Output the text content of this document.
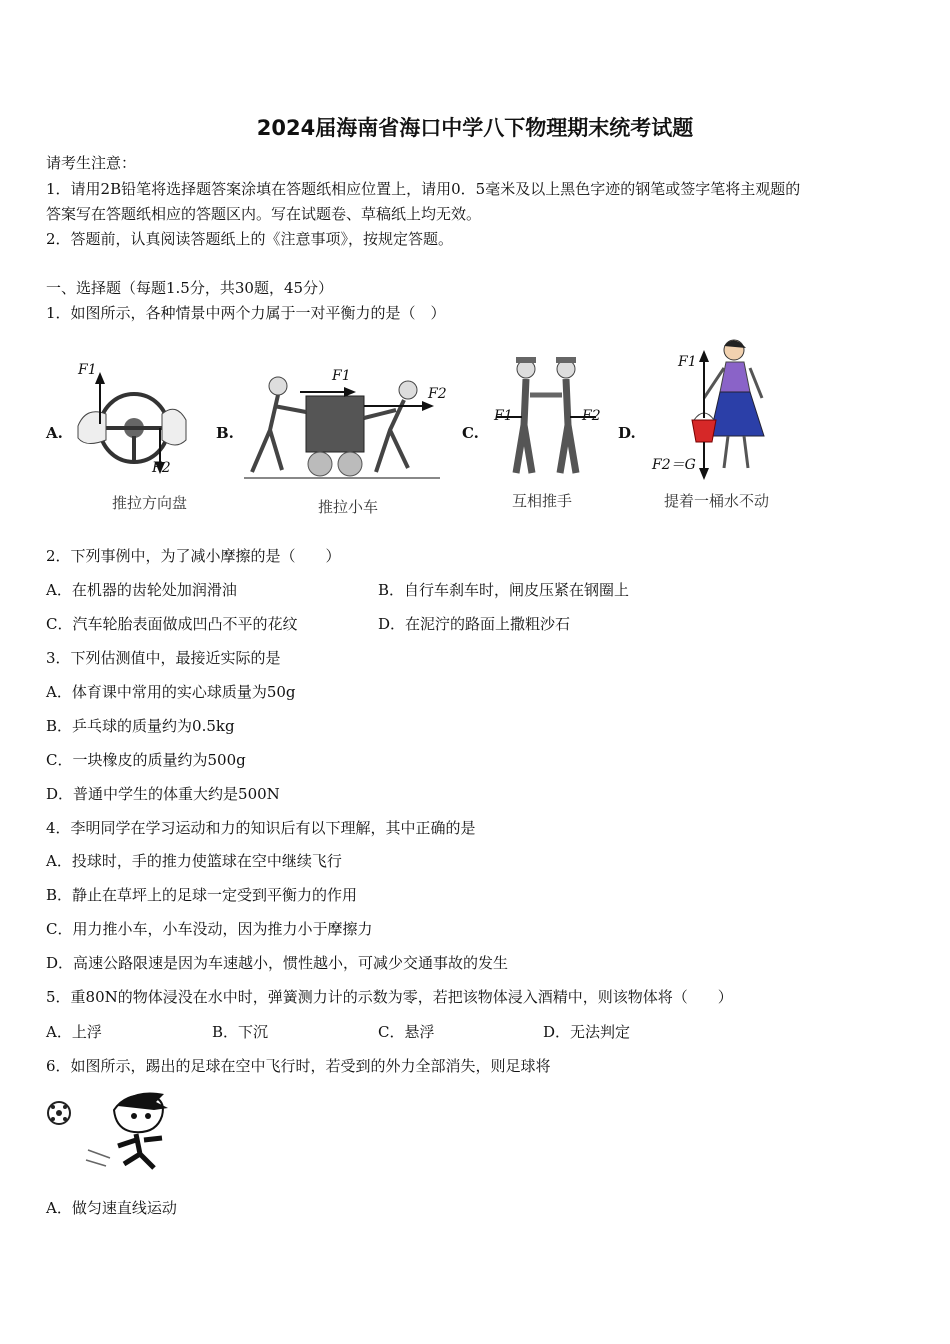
2024届海南省海口中学八下物理期末统考试题
请考生注意：
1．请用2B铅笔将选择题答案涂填在答题纸相应位置上，请用0．5毫米及以上黑色字迹的钢笔或签字笔将主观题的
答案写在答题纸相应的答题区内。写在试题卷、草稿纸上均无效。
2．答题前，认真阅读答题纸上的《注意事项》，按规定答题。
一、选择题（每题1.5分，共30题，45分）
1．如图所示，各种情景中两个力属于一对平衡力的是（　）
A.
F1
F2
推拉方向盘
B.
F1
F2
推拉小车
C.
F1	F2
互相推手
D.
F1
F2＝G
提着一桶水不动
2．下列事例中，为了减小摩擦的是（　　）
A．在机器的齿轮处加润滑油	B．自行车刹车时，闸皮压紧在钢圈上
C．汽车轮胎表面做成凹凸不平的花纹	D．在泥泞的路面上撒粗沙石
3．下列估测值中，最接近实际的是
A．体育课中常用的实心球质量为50g
B．乒乓球的质量约为0.5kg
C．一块橡皮的质量约为500g
D．普通中学生的体重大约是500N
4．李明同学在学习运动和力的知识后有以下理解，其中正确的是
A．投球时，手的推力使篮球在空中继续飞行
B．静止在草坪上的足球一定受到平衡力的作用
C．用力推小车，小车没动，因为推力小于摩擦力
D．高速公路限速是因为车速越小，惯性越小，可减少交通事故的发生
5．重80N的物体浸没在水中时，弹簧测力计的示数为零，若把该物体浸入酒精中，则该物体将（　　）
A．上浮	B．下沉	C．悬浮	D．无法判定
6．如图所示，踢出的足球在空中飞行时，若受到的外力全部消失，则足球将
A．做匀速直线运动
